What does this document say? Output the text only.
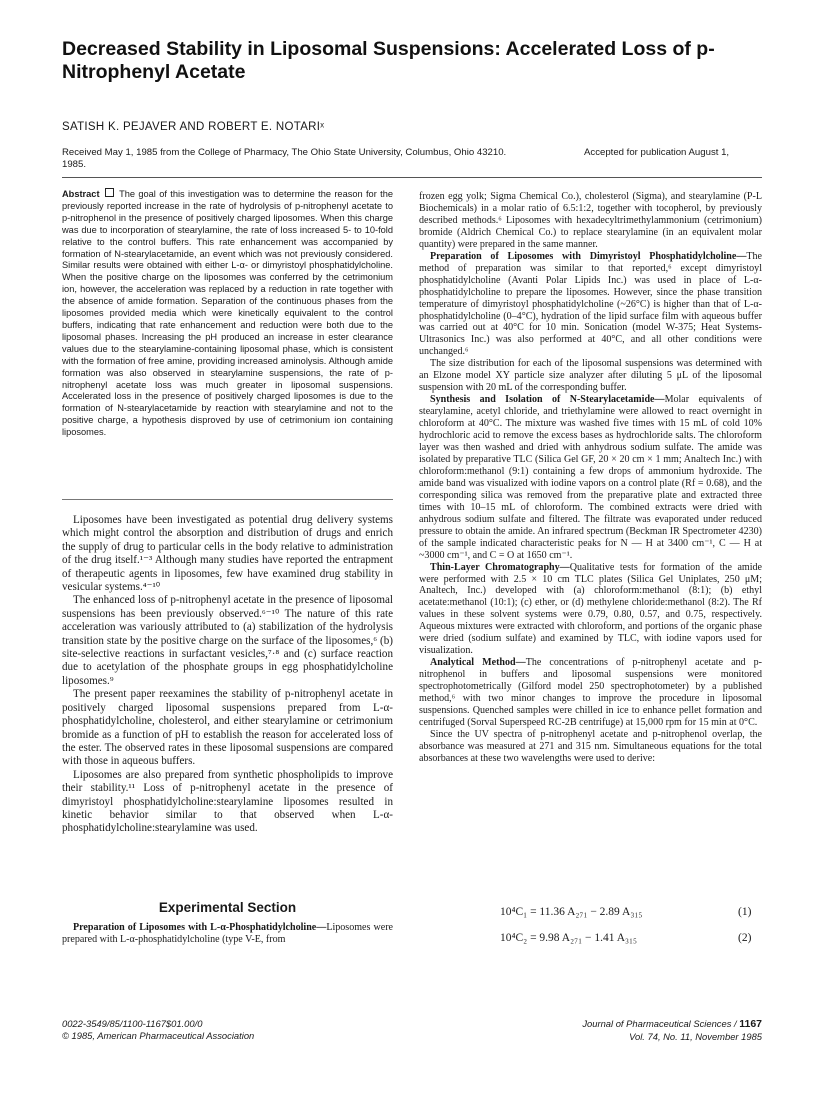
Decreased Stability in Liposomal Suspensions: Accelerated Loss of p-Nitrophenyl Acetate
SATISH K. PEJAVER AND ROBERT E. NOTARIˣ
Received May 1, 1985 from the College of Pharmacy, The Ohio State University, Columbus, Ohio 43210.
1985.
Accepted for publication August 1,
Abstract The goal of this investigation was to determine the reason for the previously reported increase in the rate of hydrolysis of p-nitrophenyl acetate to p-nitrophenol in the presence of positively charged liposomes. When this charge was due to incorporation of stearylamine, the rate of loss increased 5- to 10-fold relative to the control buffers. This rate enhancement was accompanied by formation of N-stearylacetamide, an event which was not previously considered. Similar results were obtained with either L-α- or dimyristoyl phosphatidylcholine. When the positive charge on the liposomes was conferred by the cetrimonium ion, however, the acceleration was replaced by a reduction in rate together with the absence of amide formation. Separation of the continuous phases from the liposomes provided media which were kinetically equivalent to the control buffers, indicating that rate enhancement and reduction were both due to the liposomal phases. Increasing the pH produced an increase in ester clearance values due to the stearylamine-containing liposomal phase, which is consistent with the formation of free amine, providing increased aminolysis. Although amide formation was also observed in stearylamine suspensions, the rate of p-nitrophenyl acetate loss was much greater in liposomal suspensions. Accelerated loss in the presence of positively charged liposomes is due to the formation of N-stearylacetamide by reaction with stearylamine and not to the positive charge, a hypothesis disproved by use of cetrimonium ion containing liposomes.

Liposomes have been investigated as potential drug delivery systems which might control the absorption and distribution of drugs and enrich the supply of drug to particular cells in the body relative to administration of the drug itself.¹⁻³ Although many studies have reported the entrapment of therapeutic agents in liposomes, few have examined drug stability in vesicular systems.⁴⁻¹⁰

The enhanced loss of p-nitrophenyl acetate in the presence of liposomal suspensions has been previously observed.⁶⁻¹⁰ The nature of this rate acceleration was variously attributed to (a) stabilization of the hydrolysis transition state by the positive charge on the surface of the liposomes,⁶ (b) site-selective reactions in surfactant vesicles,⁷·⁸ and (c) surface reaction due to acetylation of the phosphate groups in egg phosphatidylcholine liposomes.⁹

The present paper reexamines the stability of p-nitrophenyl acetate in positively charged liposomal suspensions prepared from L-α-phosphatidylcholine, cholesterol, and either stearylamine or cetrimonium bromide as a function of pH to establish the reason for accelerated loss of the ester. The observed rates in these liposomal suspensions are compared with those in aqueous buffers.

Liposomes are also prepared from synthetic phospholipids to improve their stability.¹¹ Loss of p-nitrophenyl acetate in the presence of dimyristoyl phosphatidylcholine:stearylamine liposomes resulted in kinetic behavior similar to that observed when L-α-phosphatidylcholine:stearylamine was used.

Experimental Section

Preparation of Liposomes with L-α-Phosphatidylcholine—Liposomes were prepared with L-α-phosphatidylcholine (type V-E, from

frozen egg yolk; Sigma Chemical Co.), cholesterol (Sigma), and stearylamine (P-L Biochemicals) in a molar ratio of 6.5:1:2, together with tocopherol, by previously described methods.⁶ Liposomes with hexadecyltrimethylammonium (cetrimonium) bromide (Aldrich Chemical Co.) to replace stearylamine (in an equivalent molar quantity) were prepared in the same manner.

Preparation of Liposomes with Dimyristoyl Phosphatidylcholine—The method of preparation was similar to that reported,⁶ except dimyristoyl phosphatidylcholine (Avanti Polar Lipids Inc.) was used in place of L-α-phosphatidylcholine to prepare the liposomes. However, since the phase transition temperature of dimyristoyl phosphatidylcholine (~26°C) is higher than that of L-α-phosphatidylcholine (0–4°C), hydration of the lipid surface film with aqueous buffer was carried out at 40°C for 10 min. Sonication (model W-375; Heat Systems-Ultrasonics Inc.) was also performed at 40°C, and all other conditions were unchanged.⁶

The size distribution for each of the liposomal suspensions was determined with an Elzone model XY particle size analyzer after diluting 5 μL of the liposomal suspension with 20 mL of the corresponding buffer.

Synthesis and Isolation of N-Stearylacetamide—Molar equivalents of stearylamine, acetyl chloride, and triethylamine were allowed to react overnight in chloroform at 40°C. The mixture was washed five times with 15 mL of cold 10% hydrochloric acid to remove the excess bases as hydrochloride salts. The chloroform layer was then washed and dried with anhydrous sodium sulfate. The amide was isolated by preparative TLC (Silica Gel GF, 20 × 20 cm × 1 mm; Analtech Inc.) with chloroform:methanol (9:1) containing a few drops of ammonium hydroxide. The amide band was visualized with iodine vapors on a control plate (Rf = 0.68), and the corresponding silica was removed from the preparative plate and extracted three times with 10–15 mL of chloroform. The combined extracts were dried with anhydrous sodium sulfate and filtered. The filtrate was evaporated under reduced pressure to obtain the amide. An infrared spectrum (Beckman IR Spectrometer 4230) of the sample indicated characteristic peaks for N — H at 3400 cm⁻¹, C — H at ~3000 cm⁻¹, and C = O at 1650 cm⁻¹.

Thin-Layer Chromatography—Qualitative tests for formation of the amide were performed with 2.5 × 10 cm TLC plates (Silica Gel Uniplates, 250 μM; Analtech, Inc.) developed with (a) chloroform:methanol (8:1); (b) ethyl acetate:methanol (10:1); (c) ether, or (d) methylene chloride:methanol (8:2). The Rf values in these solvent systems were 0.79, 0.80, 0.57, and 0.75, respectively. Aqueous mixtures were extracted with chloroform, and portions of the organic phase were dried (sodium sulfate) and examined by TLC, with iodine vapors used for visualization.

Analytical Method—The concentrations of p-nitrophenyl acetate and p-nitrophenol in buffers and liposomal suspensions were monitored spectrophotometrically (Gilford model 250 spectrophotometer) by a published method,⁶ with two minor changes to improve the procedure in liposomal suspensions. Quenched samples were chilled in ice to enhance pellet formation and centrifuged (Sorval Superspeed RC-2B centrifuge) at 15,000 rpm for 15 min at 0°C.

Since the UV spectra of p-nitrophenyl acetate and p-nitrophenol overlap, the absorbance was measured at 271 and 315 nm. Simultaneous equations for the total absorbances at these two wavelengths were used to derive:

10⁴C₁ = 11.36 A₂₇₁ − 2.89 A₃₁₅	(1)
10⁴C₂ = 9.98 A₂₇₁ − 1.41 A₃₁₅	(2)
0022-3549/85/1100-1167$01.00/0
© 1985, American Pharmaceutical Association
Journal of Pharmaceutical Sciences / 1167
Vol. 74, No. 11, November 1985
